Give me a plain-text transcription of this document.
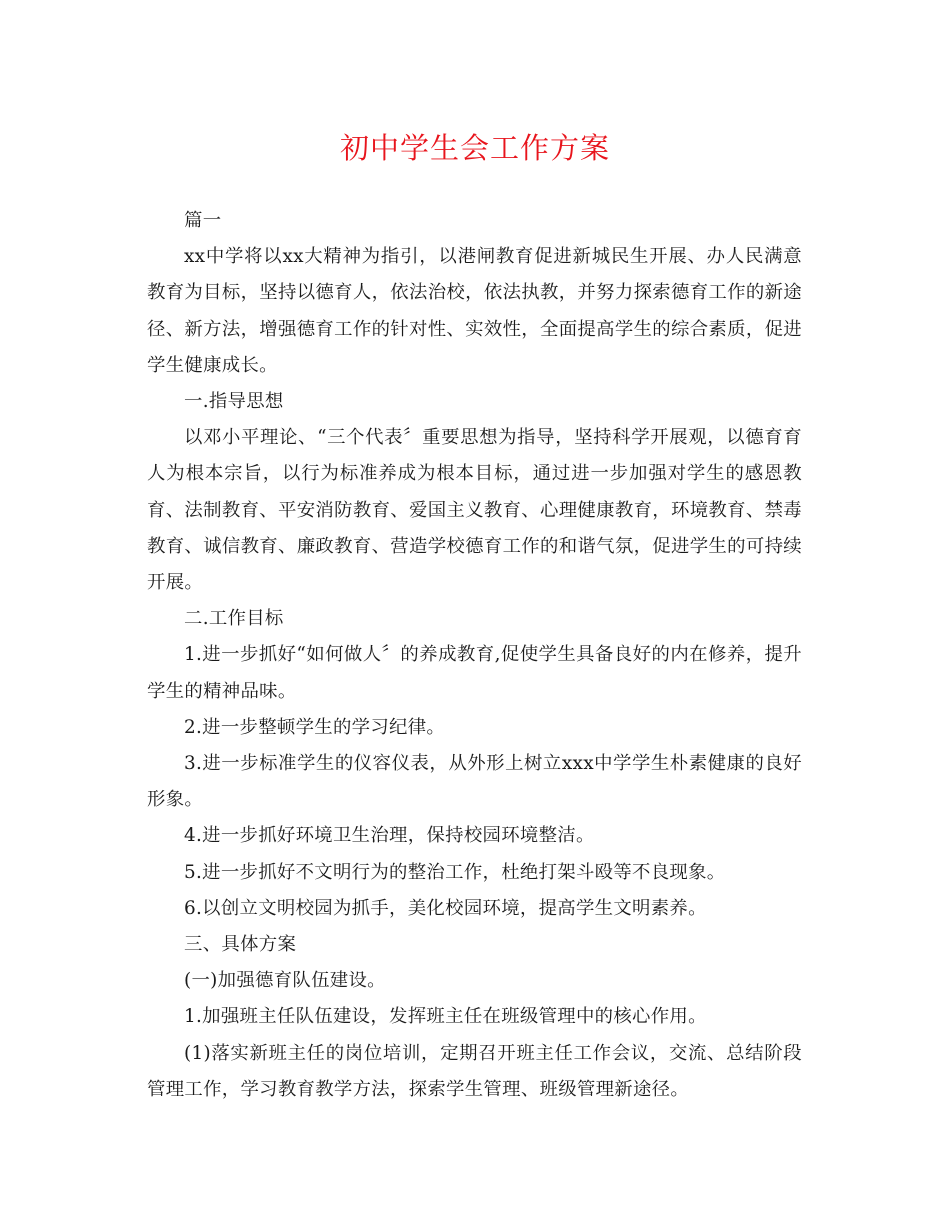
初中学生会工作方案

篇一

xx中学将以xx大精神为指引，以港闸教育促进新城民生开展、办人民满意教育为目标，坚持以德育人，依法治校，依法执教，并努力探索德育工作的新途径、新方法，增强德育工作的针对性、实效性，全面提高学生的综合素质，促进学生健康成长。

一.指导思想

以邓小平理论、“三个代表〞重要思想为指导，坚持科学开展观，以德育育人为根本宗旨，以行为标准养成为根本目标，通过进一步加强对学生的感恩教育、法制教育、平安消防教育、爱国主义教育、心理健康教育，环境教育、禁毒教育、诚信教育、廉政教育、营造学校德育工作的和谐气氛，促进学生的可持续开展。

二.工作目标

1.进一步抓好“如何做人〞的养成教育,促使学生具备良好的内在修养，提升学生的精神品味。

2.进一步整顿学生的学习纪律。

3.进一步标准学生的仪容仪表，从外形上树立xxx中学学生朴素健康的良好形象。

4.进一步抓好环境卫生治理，保持校园环境整洁。

5.进一步抓好不文明行为的整治工作，杜绝打架斗殴等不良现象。

6.以创立文明校园为抓手，美化校园环境，提高学生文明素养。

三、具体方案

(一)加强德育队伍建设。

1.加强班主任队伍建设，发挥班主任在班级管理中的核心作用。

(1)落实新班主任的岗位培训，定期召开班主任工作会议，交流、总结阶段管理工作，学习教育教学方法，探索学生管理、班级管理新途径。
